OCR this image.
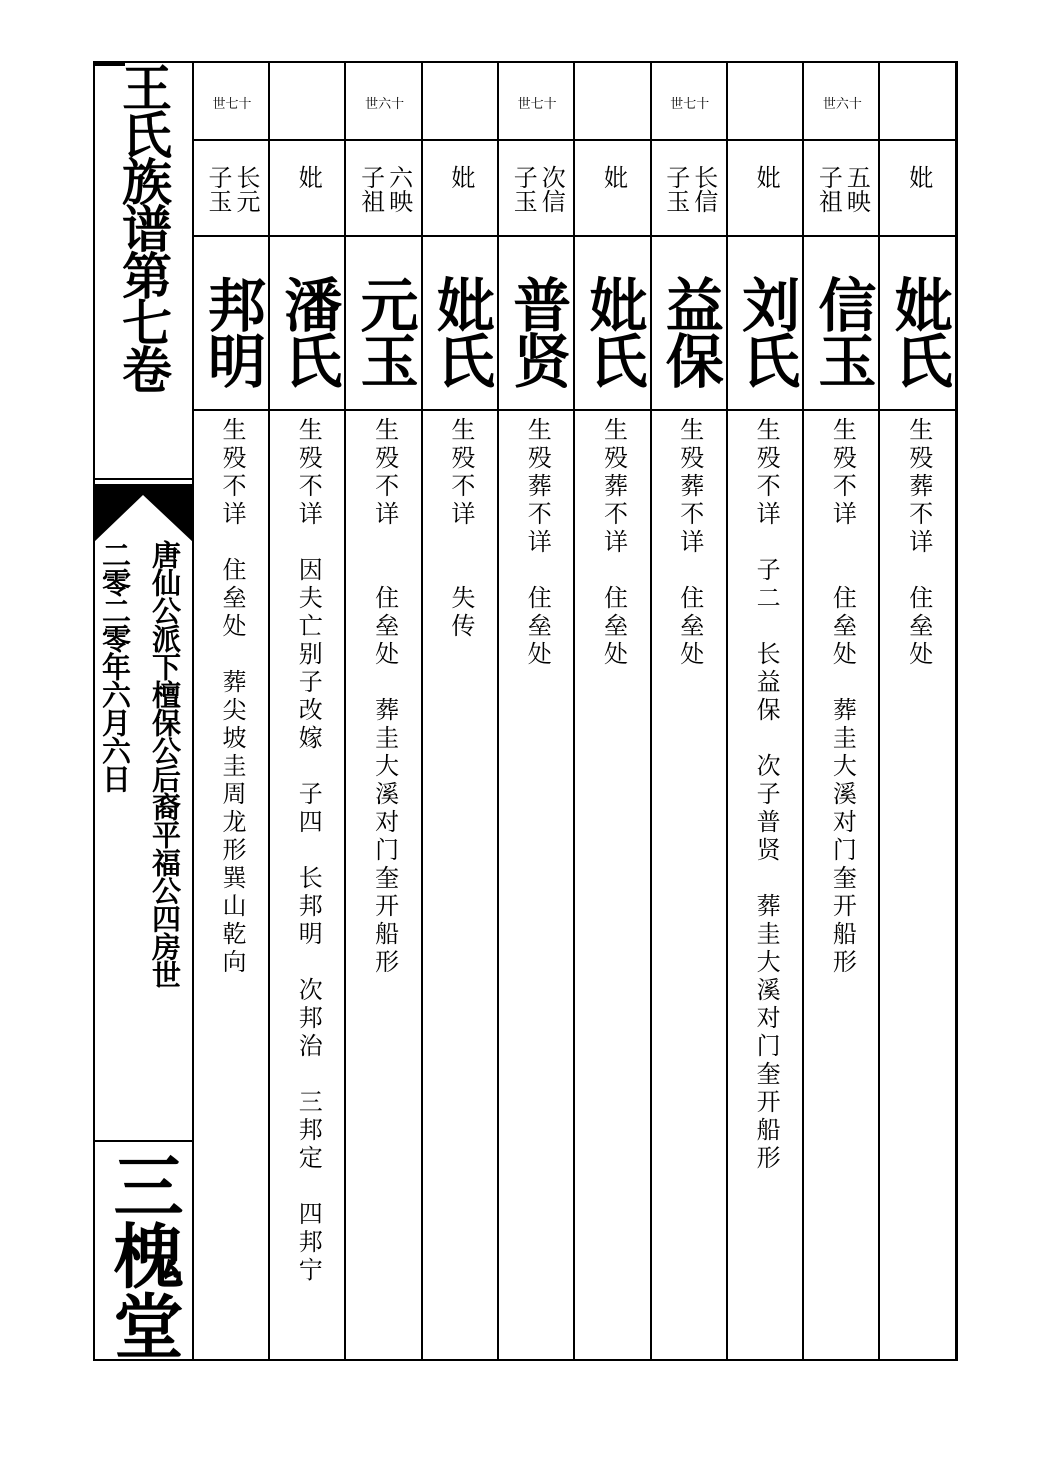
王氏族谱第七卷
唐仙公派下檀保公后裔平福公四房世
二零二零年六月六日
三槐堂
世七十
长元子玉
邦明
生殁不详　住垒处　葬尖坡圭周龙形巽山乾向
妣
潘氏
生殁不详　因夫亡别子改嫁　子四　长邦明　次邦治　三邦定　四邦宁
世六十
六映子祖
元玉
生殁不详　　住垒处　葬圭大溪对门奎开船形
妣
妣氏
生殁不详　　失传
世七十
次信子玉
普贤
生殁葬不详　住垒处
妣
妣氏
生殁葬不详　住垒处
世七十
长信子玉
益保
生殁葬不详　住垒处
妣
刘氏
生殁不详　子二　长益保　次子普贤　葬圭大溪对门奎开船形
世六十
五映子祖
信玉
生殁不详　　住垒处　葬圭大溪对门奎开船形
妣
妣氏
生殁葬不详　住垒处
